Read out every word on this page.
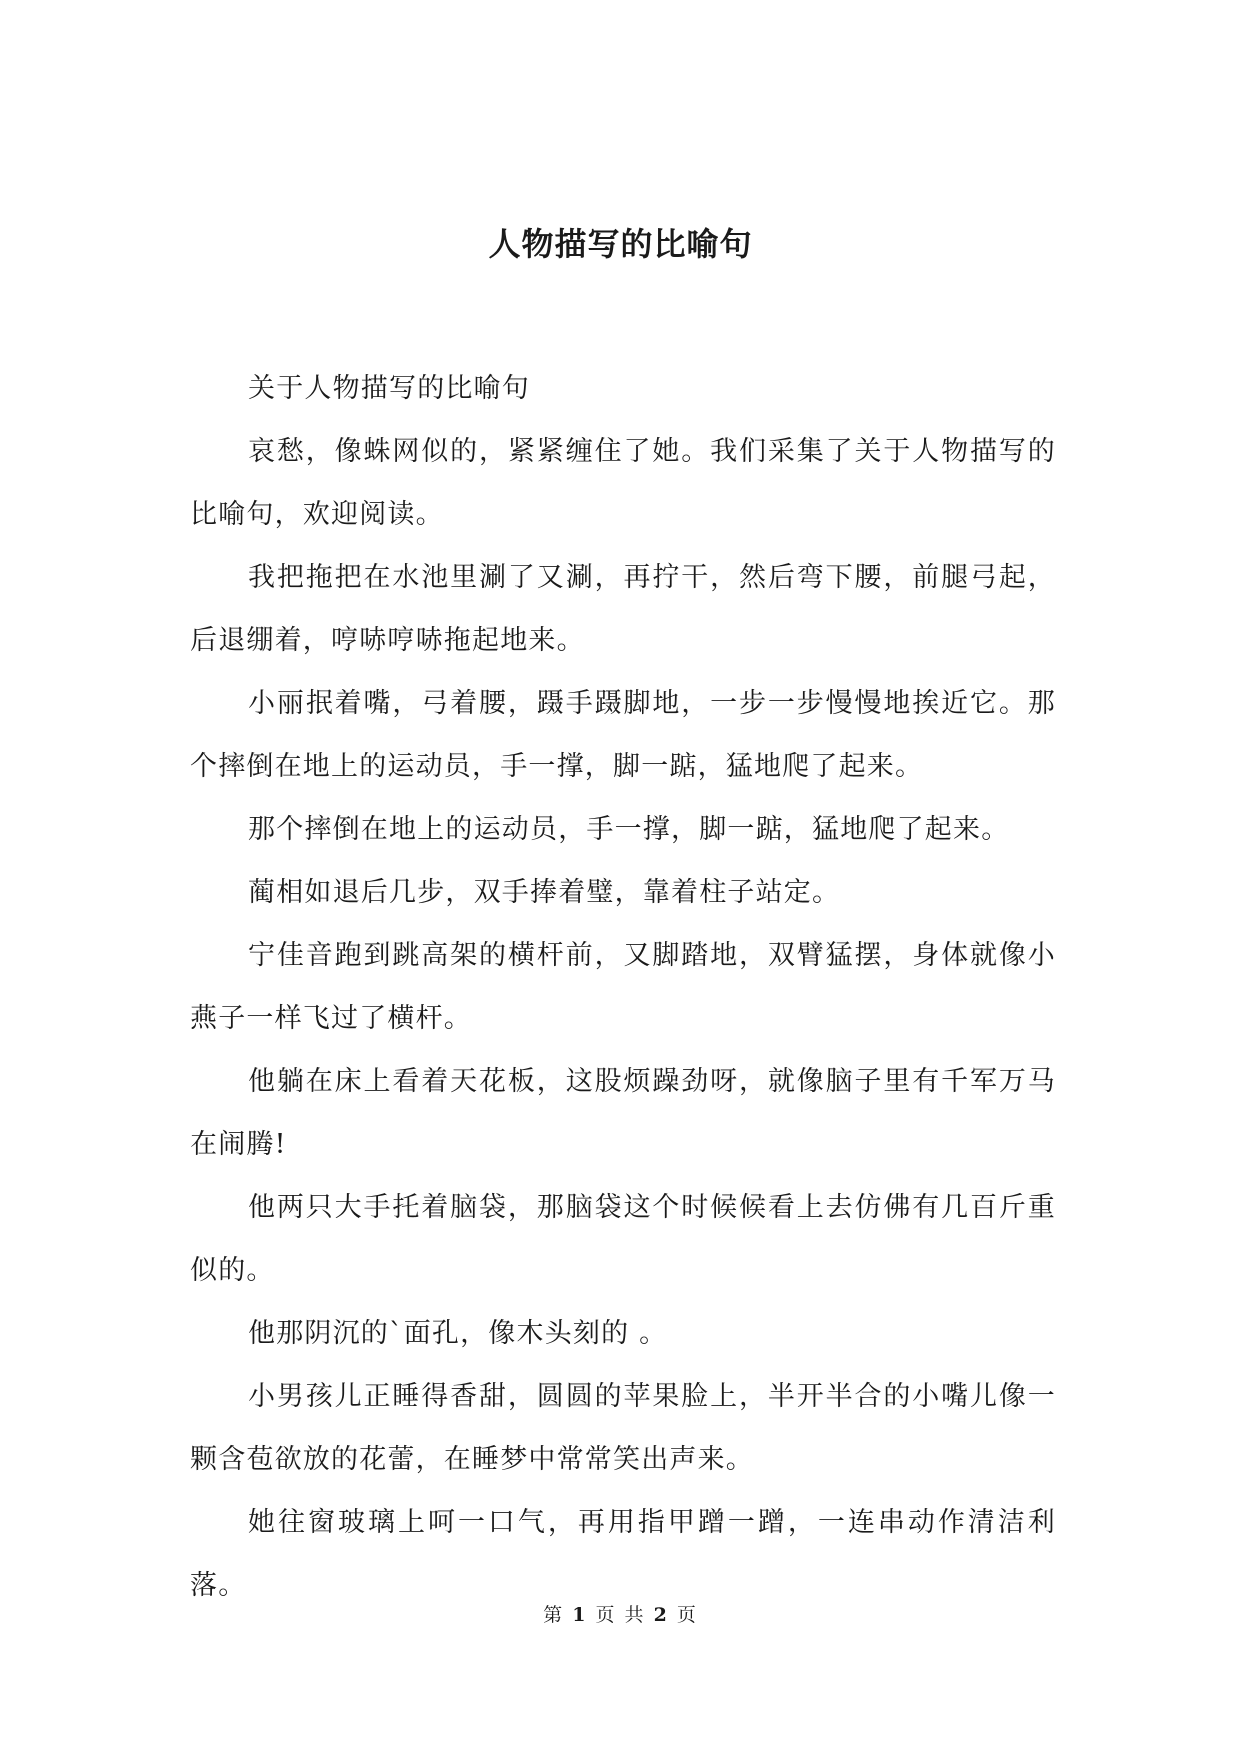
人物描写的比喻句

关于人物描写的比喻句

哀愁，像蛛网似的，紧紧缠住了她。我们采集了关于人物描写的比喻句，欢迎阅读。

我把拖把在水池里涮了又涮，再拧干，然后弯下腰，前腿弓起，后退绷着，哼哧哼哧拖起地来。

小丽抿着嘴，弓着腰，蹑手蹑脚地，一步一步慢慢地挨近它。那个摔倒在地上的运动员，手一撑，脚一踮，猛地爬了起来。

那个摔倒在地上的运动员，手一撑，脚一踮，猛地爬了起来。

蔺相如退后几步，双手捧着璧，靠着柱子站定。

宁佳音跑到跳高架的横杆前，又脚踏地，双臂猛摆，身体就像小燕子一样飞过了横杆。

他躺在床上看着天花板，这股烦躁劲呀，就像脑子里有千军万马在闹腾!

他两只大手托着脑袋，那脑袋这个时候候看上去仿佛有几百斤重似的。

他那阴沉的`面孔，像木头刻的 。

小男孩儿正睡得香甜，圆圆的苹果脸上，半开半合的小嘴儿像一颗含苞欲放的花蕾，在睡梦中常常笑出声来。

她往窗玻璃上呵一口气，再用指甲蹭一蹭，一连串动作清洁利落。

第 1 页 共 2 页
